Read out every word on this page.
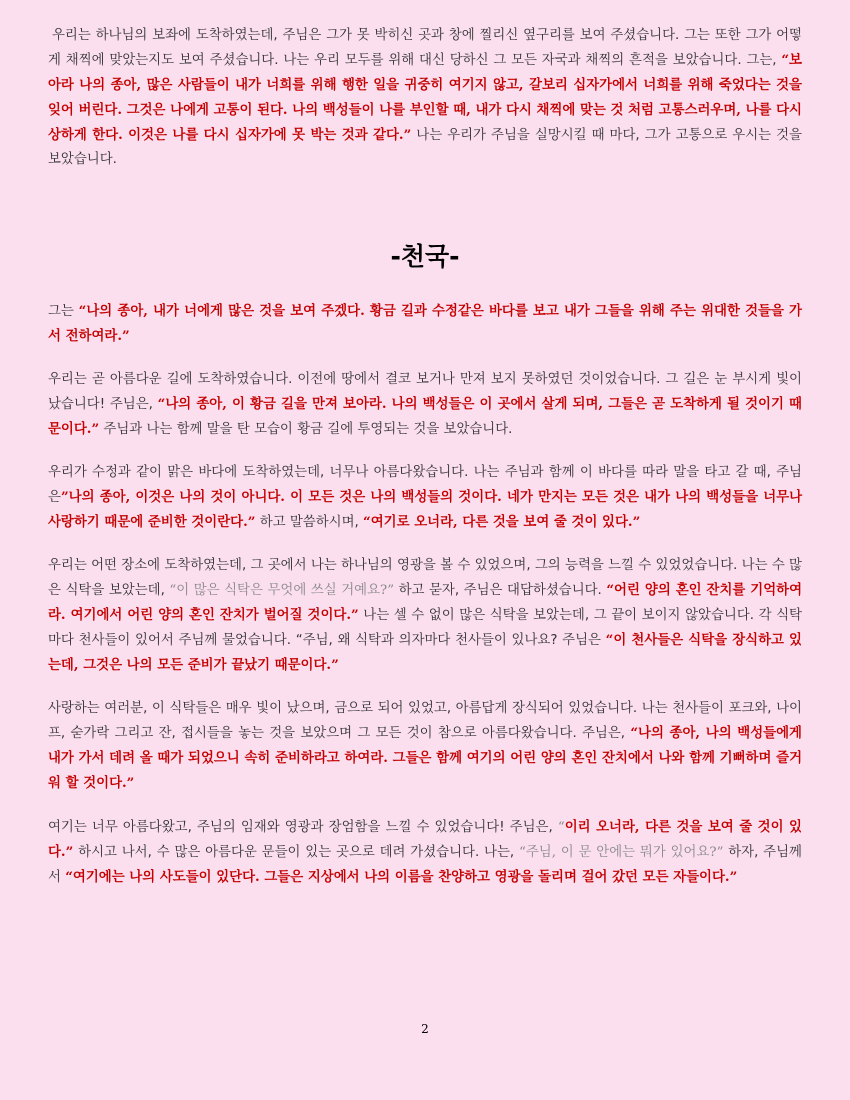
우리는 하나님의 보좌에 도착하였는데, 주님은 그가 못 박히신 곳과 창에 찔리신 옆구리를 보여 주셨습니다. 그는 또한 그가 어떻게 채찍에 맞았는지도 보여 주셨습니다. 나는 우리 모두를 위해 대신 당하신 그 모든 자국과 채찍의 흔적을 보았습니다. 그는, “보아라 나의 종아, 많은 사람들이 내가 너희를 위해 행한 일을 귀중히 여기지 않고, 갈보리 십자가에서 너희를 위해 죽었다는 것을 잊어 버린다. 그것은 나에게 고통이 된다. 나의 백성들이 나를 부인할 때, 내가 다시 채찍에 맞는 것 처럼 고통스러우며, 나를 다시 상하게 한다. 이것은 나를 다시 십자가에 못 박는 것과 같다.” 나는 우리가 주님을 실망시킬 때 마다, 그가 고통으로 우시는 것을 보았습니다.

-천국-

그는 “나의 종아, 내가 너에게 많은 것을 보여 주겠다. 황금 길과 수정같은 바다를 보고 내가 그들을 위해 주는 위대한 것들을 가서 전하여라.”

우리는 곧 아름다운 길에 도착하였습니다. 이전에 땅에서 결코 보거나 만져 보지 못하였던 것이었습니다. 그 길은 눈 부시게 빛이 났습니다! 주님은, “나의 종아, 이 황금 길을 만져 보아라. 나의 백성들은 이 곳에서 살게 되며, 그들은 곧 도착하게 될 것이기 때문이다.” 주님과 나는 함께 말을 탄 모습이 황금 길에 투영되는 것을 보았습니다.

우리가 수정과 같이 맑은 바다에 도착하였는데, 너무나 아름다왔습니다. 나는 주님과 함께 이 바다를 따라 말을 타고 갈 때, 주님은”나의 종아, 이것은 나의 것이 아니다. 이 모든 것은 나의 백성들의 것이다. 네가 만지는 모든 것은 내가 나의 백성들을 너무나 사랑하기 때문에 준비한 것이란다.” 하고 말씀하시며, “여기로 오너라, 다른 것을 보여 줄 것이 있다.”

우리는 어떤 장소에 도착하였는데, 그 곳에서 나는 하나님의 영광을 볼 수 있었으며, 그의 능력을 느낄 수 있었었습니다. 나는 수 많은 식탁을 보았는데, “이 많은 식탁은 무엇에 쓰실 거예요?” 하고 묻자, 주님은 대답하셨습니다. “어린 양의 혼인 잔치를 기억하여라. 여기에서 어린 양의 혼인 잔치가 벌어질 것이다.” 나는 셀 수 없이 많은 식탁을 보았는데, 그 끝이 보이지 않았습니다. 각 식탁마다 천사들이 있어서 주님께 물었습니다. “주님, 왜 식탁과 의자마다 천사들이 있나요? 주님은 “이 천사들은 식탁을 장식하고 있는데, 그것은 나의 모든 준비가 끝났기 때문이다.”

사랑하는 여러분, 이 식탁들은 매우 빛이 났으며, 금으로 되어 있었고, 아름답게 장식되어 있었습니다. 나는 천사들이 포크와, 나이프, 숟가락 그리고 잔, 접시들을 놓는 것을 보았으며 그 모든 것이 참으로 아름다왔습니다. 주님은, “나의 종아, 나의 백성들에게 내가 가서 데려 올 때가 되었으니 속히 준비하라고 하여라. 그들은 함께 여기의 어린 양의 혼인 잔치에서 나와 함께 기뻐하며 즐거워 할 것이다.”

여기는 너무 아름다왔고, 주님의 임재와 영광과 장엄함을 느낄 수 있었습니다! 주님은, “이리 오너라, 다른 것을 보여 줄 것이 있다.” 하시고 나서, 수 많은 아름다운 문들이 있는 곳으로 데려 가셨습니다. 나는, “주님, 이 문 안에는 뭐가 있어요?” 하자, 주님께서 “여기에는 나의 사도들이 있단다. 그들은 지상에서 나의 이름을 찬양하고 영광을 돌리며 걸어 갔던 모든 자들이다.”

2
